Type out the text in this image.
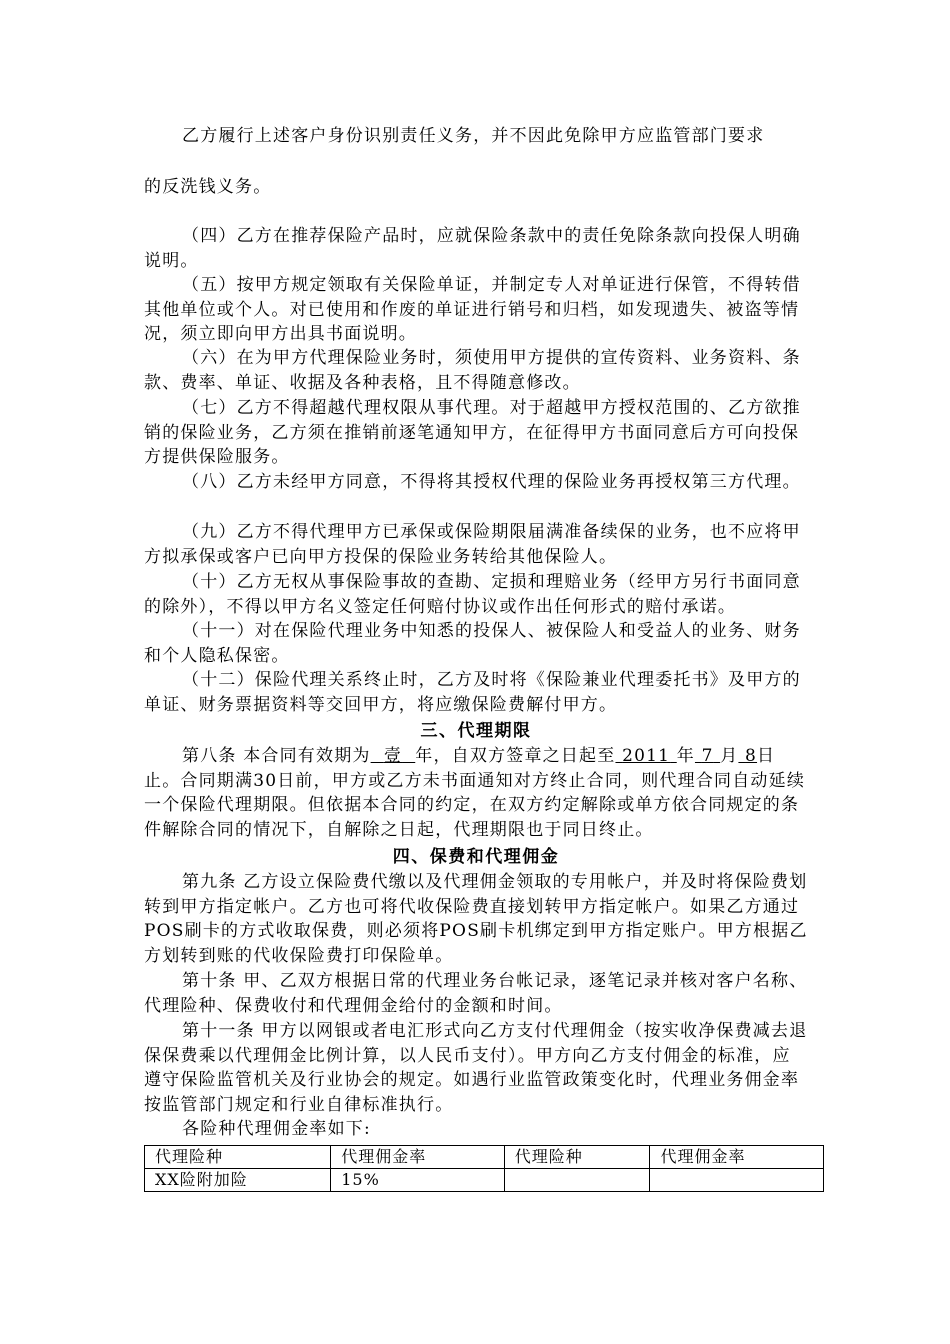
乙方履行上述客户身份识别责任义务，并不因此免除甲方应监管部门要求

的反洗钱义务。

（四）乙方在推荐保险产品时，应就保险条款中的责任免除条款向投保人明确说明。

（五）按甲方规定领取有关保险单证，并制定专人对单证进行保管，不得转借其他单位或个人。对已使用和作废的单证进行销号和归档，如发现遗失、被盗等情况，须立即向甲方出具书面说明。

（六）在为甲方代理保险业务时，须使用甲方提供的宣传资料、业务资料、条款、费率、单证、收据及各种表格，且不得随意修改。

（七）乙方不得超越代理权限从事代理。对于超越甲方授权范围的、乙方欲推销的保险业务，乙方须在推销前逐笔通知甲方，在征得甲方书面同意后方可向投保方提供保险服务。

（八）乙方未经甲方同意，不得将其授权代理的保险业务再授权第三方代理。

（九）乙方不得代理甲方已承保或保险期限届满准备续保的业务，也不应将甲方拟承保或客户已向甲方投保的保险业务转给其他保险人。

（十）乙方无权从事保险事故的查勘、定损和理赔业务（经甲方另行书面同意的除外），不得以甲方名义签定任何赔付协议或作出任何形式的赔付承诺。

（十一）对在保险代理业务中知悉的投保人、被保险人和受益人的业务、财务和个人隐私保密。

（十二）保险代理关系终止时，乙方及时将《保险兼业代理委托书》及甲方的单证、财务票据资料等交回甲方，将应缴保险费解付甲方。

三、代理期限

第八条 本合同有效期为 壹 年，自双方签章之日起至 2011 年 7 月 8日止。合同期满30日前，甲方或乙方未书面通知对方终止合同，则代理合同自动延续一个保险代理期限。但依据本合同的约定，在双方约定解除或单方依合同规定的条件解除合同的情况下，自解除之日起，代理期限也于同日终止。

四、保费和代理佣金

第九条 乙方设立保险费代缴以及代理佣金领取的专用帐户，并及时将保险费划转到甲方指定帐户。乙方也可将代收保险费直接划转甲方指定帐户。如果乙方通过POS刷卡的方式收取保费，则必须将POS刷卡机绑定到甲方指定账户。甲方根据乙方划转到账的代收保险费打印保险单。

第十条 甲、乙双方根据日常的代理业务台帐记录，逐笔记录并核对客户名称、代理险种、保费收付和代理佣金给付的金额和时间。

第十一条 甲方以网银或者电汇形式向乙方支付代理佣金（按实收净保费减去退保保费乘以代理佣金比例计算，以人民币支付）。甲方向乙方支付佣金的标准，应遵守保险监管机关及行业协会的规定。如遇行业监管政策变化时，代理业务佣金率按监管部门规定和行业自律标准执行。

各险种代理佣金率如下:

代理险种	代理佣金率	代理险种	代理佣金率
XX险附加险	15%		
